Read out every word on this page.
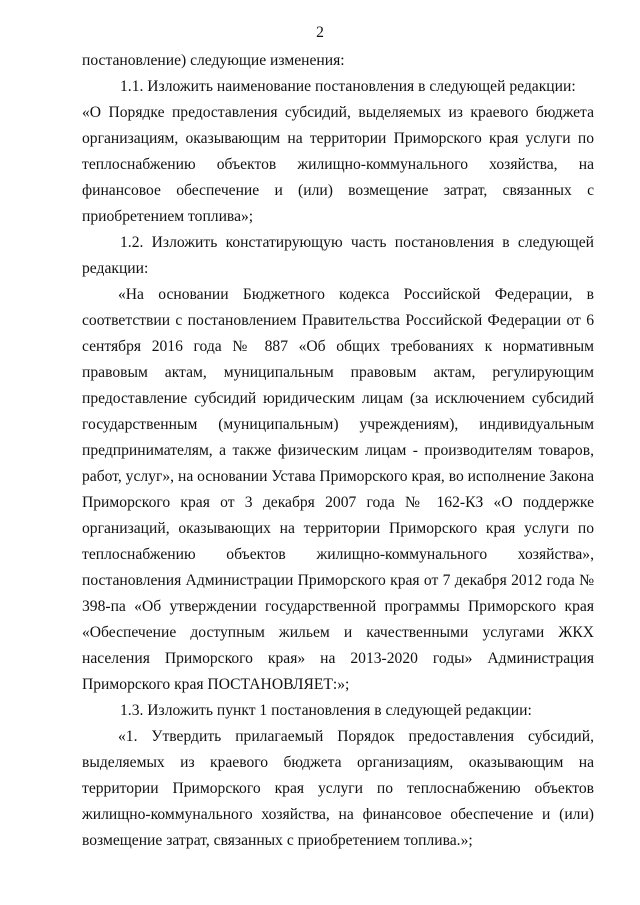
2

постановление) следующие изменения:

1.1. Изложить наименование постановления в следующей редакции:

«О Порядке предоставления субсидий, выделяемых из краевого бюджета организациям, оказывающим на территории Приморского края услуги по теплоснабжению объектов жилищно-коммунального хозяйства, на финансовое обеспечение и (или) возмещение затрат, связанных с приобретением топлива»;

1.2. Изложить констатирующую часть постановления в следующей редакции:

«На основании Бюджетного кодекса Российской Федерации, в соответствии с постановлением Правительства Российской Федерации от 6 сентября 2016 года № 887 «Об общих требованиях к нормативным правовым актам, муниципальным правовым актам, регулирующим предоставление субсидий юридическим лицам (за исключением субсидий государственным (муниципальным) учреждениям), индивидуальным предпринимателям, а также физическим лицам - производителям товаров, работ, услуг», на основании Устава Приморского края, во исполнение Закона Приморского края от 3 декабря 2007 года № 162-КЗ «О поддержке организаций, оказывающих на территории Приморского края услуги по теплоснабжению объектов жилищно-коммунального хозяйства», постановления Администрации Приморского края от 7 декабря 2012 года № 398-па «Об утверждении государственной программы Приморского края «Обеспечение доступным жильем и качественными услугами ЖКХ населения Приморского края» на 2013-2020 годы» Администрация Приморского края ПОСТАНОВЛЯЕТ:»;

1.3. Изложить пункт 1 постановления в следующей редакции:

«1. Утвердить прилагаемый Порядок предоставления субсидий, выделяемых из краевого бюджета организациям, оказывающим на территории Приморского края услуги по теплоснабжению объектов жилищно-коммунального хозяйства, на финансовое обеспечение и (или) возмещение затрат, связанных с приобретением топлива.»;
